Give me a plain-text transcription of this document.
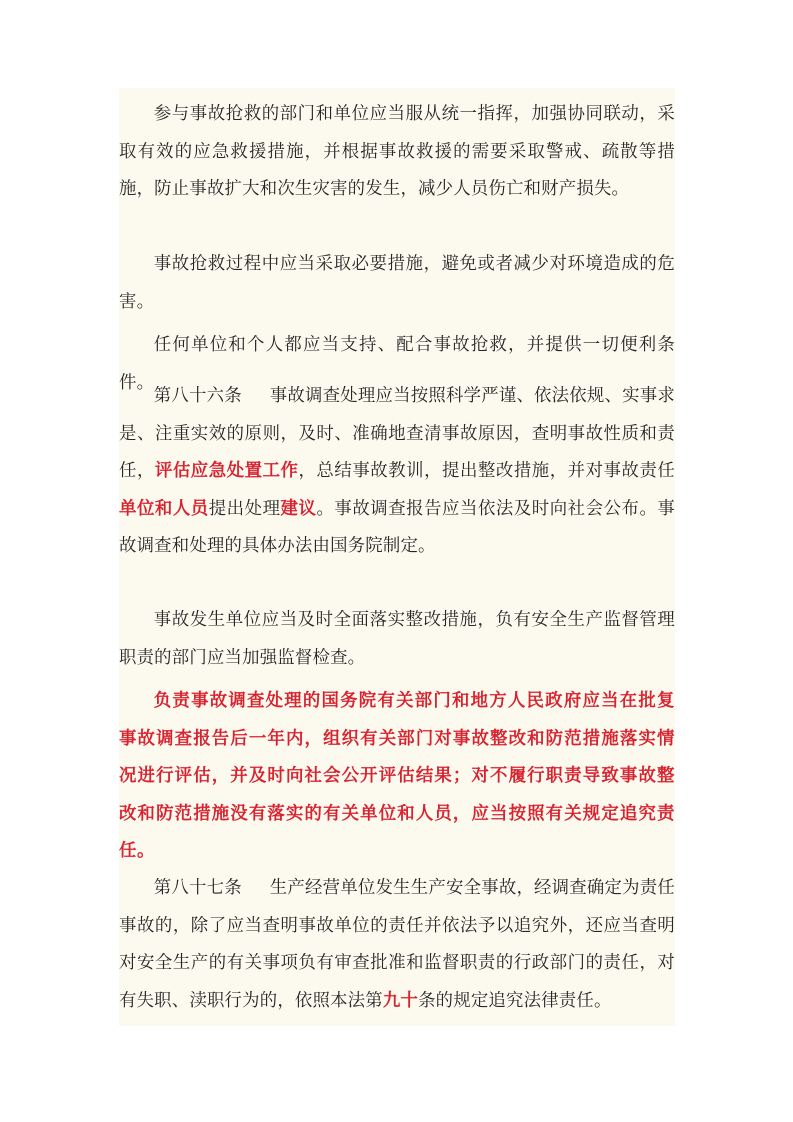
参与事故抢救的部门和单位应当服从统一指挥，加强协同联动，采取有效的应急救援措施，并根据事故救援的需要采取警戒、疏散等措施，防止事故扩大和次生灾害的发生，减少人员伤亡和财产损失。

事故抢救过程中应当采取必要措施，避免或者减少对环境造成的危害。

任何单位和个人都应当支持、配合事故抢救，并提供一切便利条件。

第八十六条 事故调查处理应当按照科学严谨、依法依规、实事求是、注重实效的原则，及时、准确地查清事故原因，查明事故性质和责任，评估应急处置工作，总结事故教训，提出整改措施，并对事故责任单位和人员提出处理建议。事故调查报告应当依法及时向社会公布。事故调查和处理的具体办法由国务院制定。

事故发生单位应当及时全面落实整改措施，负有安全生产监督管理职责的部门应当加强监督检查。

负责事故调查处理的国务院有关部门和地方人民政府应当在批复事故调查报告后一年内，组织有关部门对事故整改和防范措施落实情况进行评估，并及时向社会公开评估结果；对不履行职责导致事故整改和防范措施没有落实的有关单位和人员，应当按照有关规定追究责任。

第八十七条 生产经营单位发生生产安全事故，经调查确定为责任事故的，除了应当查明事故单位的责任并依法予以追究外，还应当查明对安全生产的有关事项负有审查批准和监督职责的行政部门的责任，对有失职、渎职行为的，依照本法第九十条的规定追究法律责任。
